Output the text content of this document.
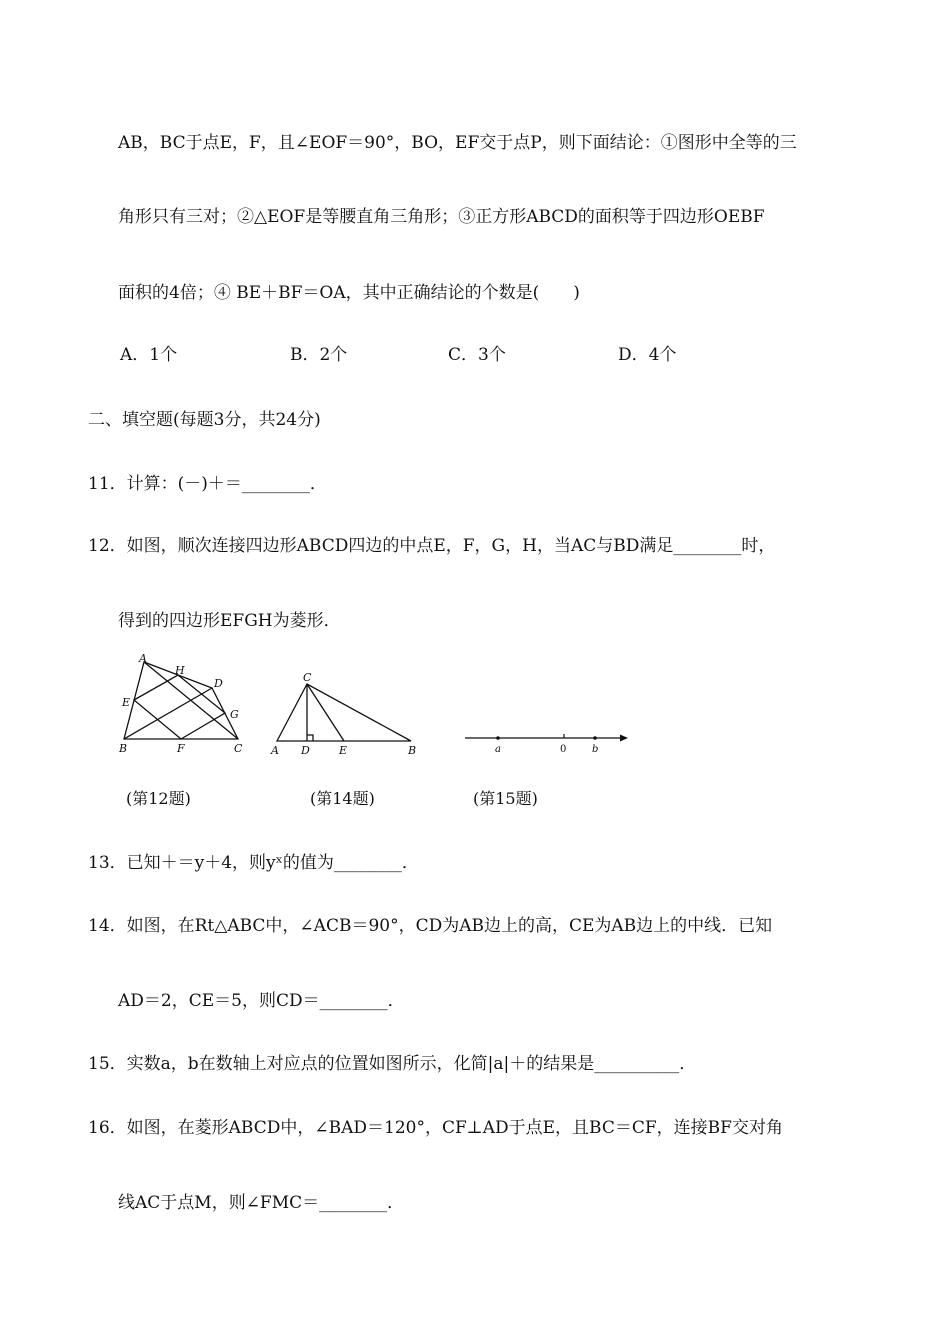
AB，BC于点E，F，且∠EOF＝90°，BO，EF交于点P，则下面结论：①图形中全等的三
角形只有三对；②△EOF是等腰直角三角形；③正方形ABCD的面积等于四边形OEBF
面积的4倍；④ BE＋BF＝OA，其中正确结论的个数是(　　)
A．1个	B．2个	C．3个	D．4个
二、填空题(每题3分，共24分)
11．计算：(－)＋＝________．
12．如图，顺次连接四边形ABCD四边的中点E，F，G，H，当AC与BD满足________时，
得到的四边形EFGH为菱形．
A
H
D
E
G
B	F	C
C
A D	E	B	a	0	b
(第12题)	(第14题)	(第15题)
13．已知＋＝y＋4，则yˣ的值为________．
14．如图，在Rt△ABC中，∠ACB＝90°，CD为AB边上的高，CE为AB边上的中线．已知
AD＝2，CE＝5，则CD＝________．
15．实数a，b在数轴上对应点的位置如图所示，化简|a|＋的结果是__________．
16．如图，在菱形ABCD中，∠BAD＝120°，CF⊥AD于点E，且BC＝CF，连接BF交对角
线AC于点M，则∠FMC＝________．
